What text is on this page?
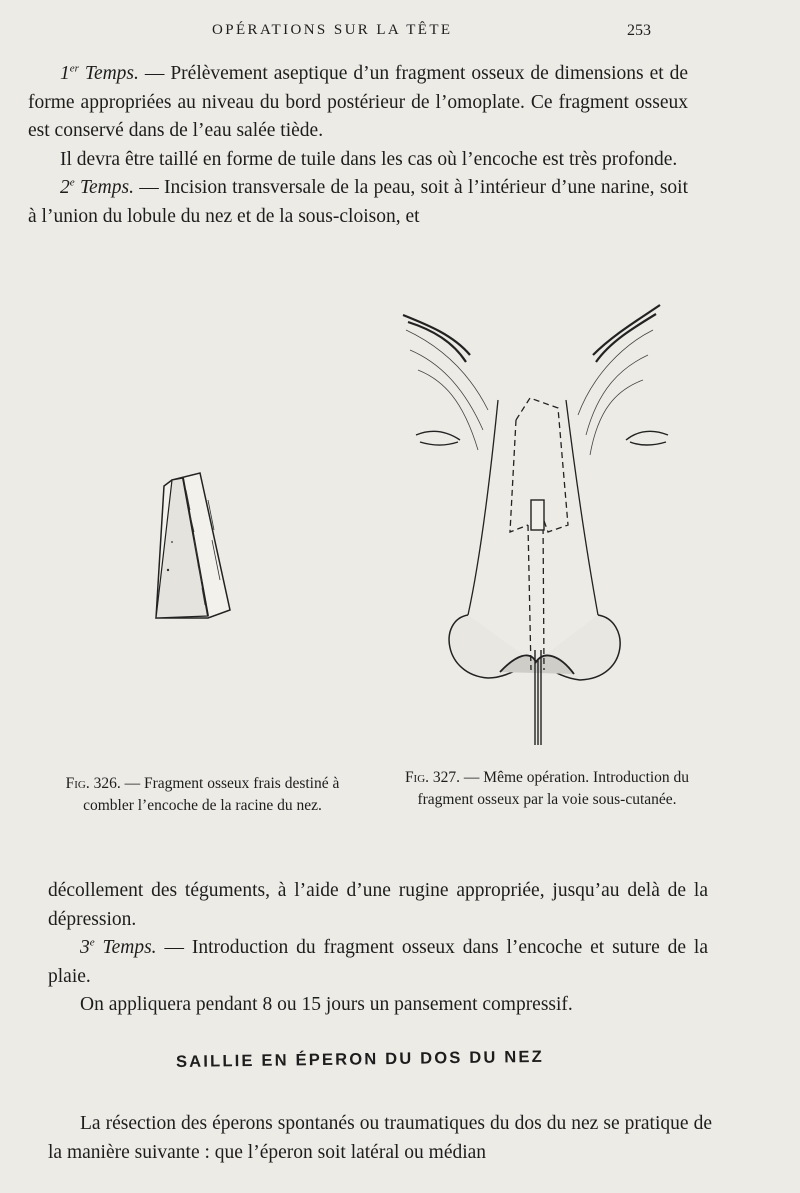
OPÉRATIONS SUR LA TÊTE	253

1er Temps. — Prélèvement aseptique d’un fragment osseux de dimensions et de forme appropriées au niveau du bord postérieur de l’omoplate. Ce fragment osseux est conservé dans de l’eau salée tiède.

Il devra être taillé en forme de tuile dans les cas où l’encoche est très profonde.

2e Temps. — Incision transversale de la peau, soit à l’intérieur d’une narine, soit à l’union du lobule du nez et de la sous-cloison, et

Fig. 326. — Fragment osseux frais destiné à combler l’encoche de la racine du nez.
Fig. 327. — Même opération. Introduction du fragment osseux par la voie sous-cutanée.

décollement des téguments, à l’aide d’une rugine appropriée, jusqu’au delà de la dépression.

3e Temps. — Introduction du fragment osseux dans l’encoche et suture de la plaie.

On appliquera pendant 8 ou 15 jours un pansement compressif.

SAILLIE EN ÉPERON DU DOS DU NEZ

La résection des éperons spontanés ou traumatiques du dos du nez se pratique de la manière suivante : que l’éperon soit latéral ou médian
